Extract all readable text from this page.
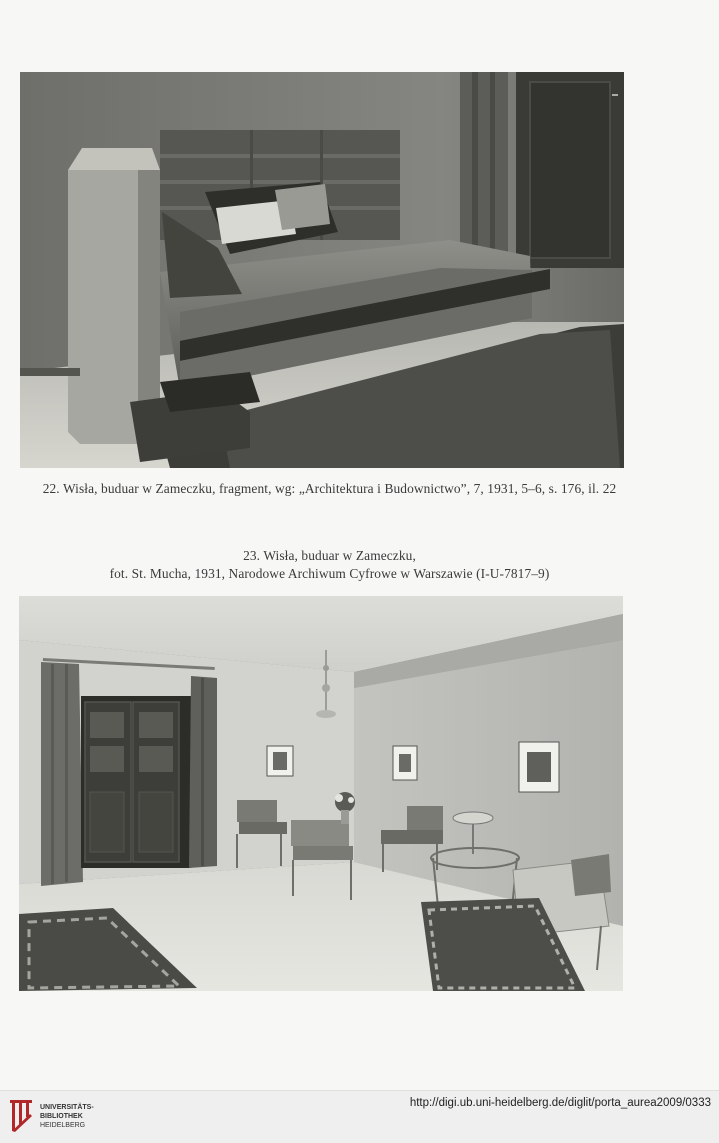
22. Wisła, buduar w Zameczku, fragment, wg: „Architektura i Budownictwo”, 7, 1931, 5–6, s. 176, il. 22
23. Wisła, buduar w Zameczku,
fot. St. Mucha, 1931, Narodowe Archiwum Cyfrowe w Warszawie (I-U-7817–9)
UNIVERSITÄTS-
BIBLIOTHEK
HEIDELBERG
http://digi.ub.uni-heidelberg.de/diglit/porta_aurea2009/0333
